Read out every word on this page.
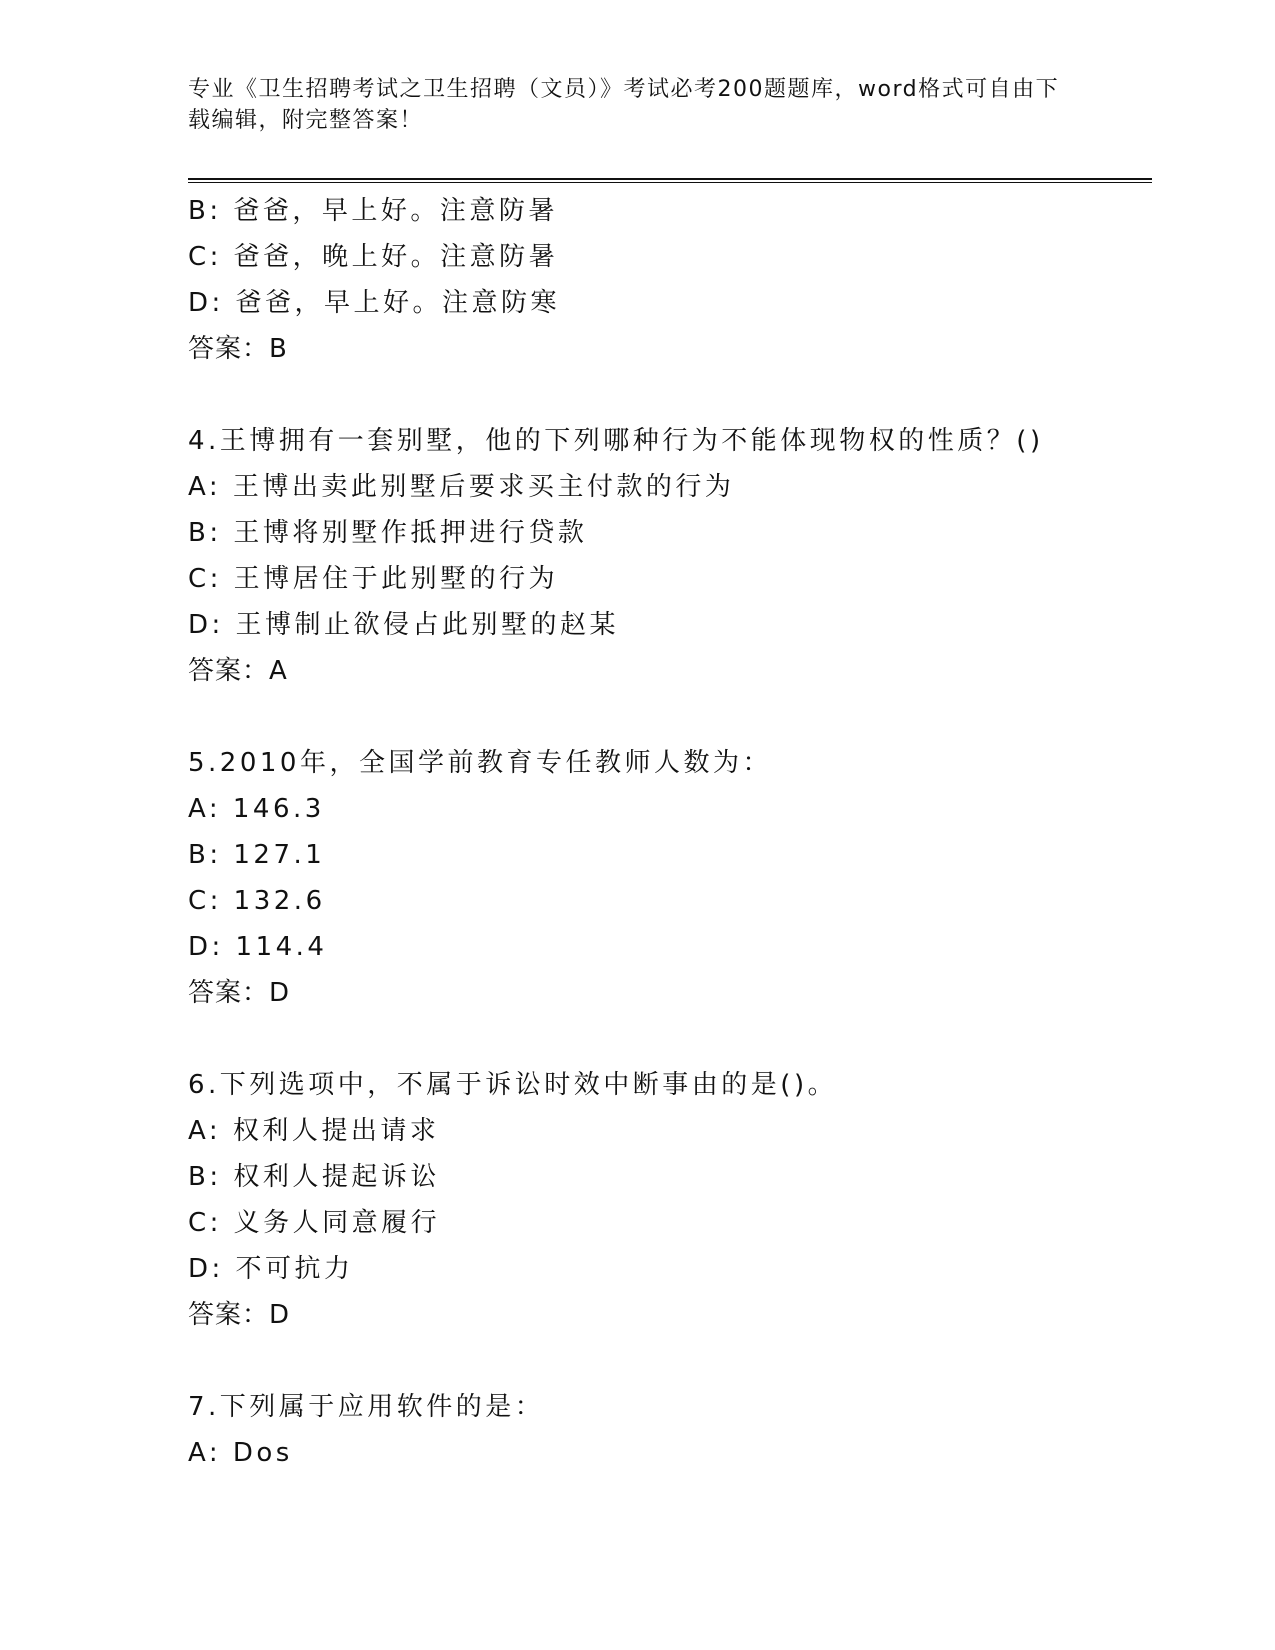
专业《卫生招聘考试之卫生招聘（文员）》考试必考200题题库，word格式可自由下载编辑，附完整答案！
B: 爸爸，早上好。注意防暑
C: 爸爸，晚上好。注意防暑
D: 爸爸，早上好。注意防寒
答案：B
4.王博拥有一套别墅，他的下列哪种行为不能体现物权的性质？()
A: 王博出卖此别墅后要求买主付款的行为
B: 王博将别墅作抵押进行贷款
C: 王博居住于此别墅的行为
D: 王博制止欲侵占此别墅的赵某
答案：A
5.2010年，全国学前教育专任教师人数为：
A: 146.3
B: 127.1
C: 132.6
D: 114.4
答案：D
6.下列选项中，不属于诉讼时效中断事由的是()。
A: 权利人提出请求
B: 权利人提起诉讼
C: 义务人同意履行
D: 不可抗力
答案：D
7.下列属于应用软件的是：
A: Dos
